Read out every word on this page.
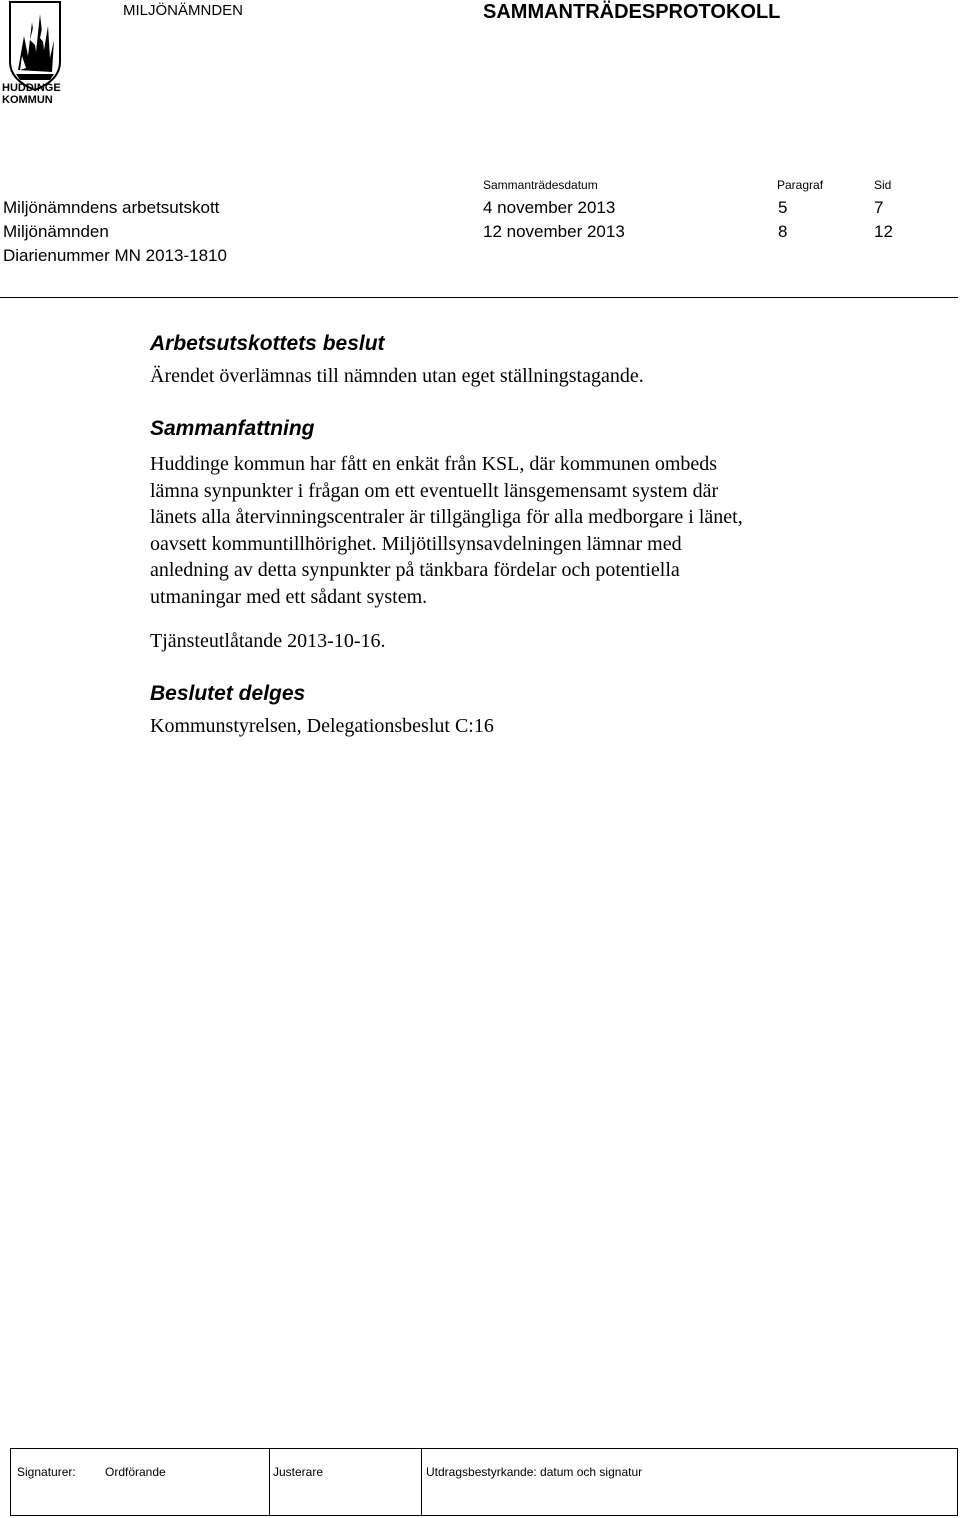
HUDDINGE
KOMMUN
MILJÖNÄMNDEN	SAMMANTRÄDESPROTOKOLL
Sammanträdesdatum	Paragraf	Sid
Miljönämndens arbetsutskott	4 november 2013	5	7
Miljönämnden	12 november 2013	8	12
Diarienummer MN 2013-1810
Arbetsutskottets beslut
Ärendet överlämnas till nämnden utan eget ställningstagande.
Sammanfattning
Huddinge kommun har fått en enkät från KSL, där kommunen ombeds
lämna synpunkter i frågan om ett eventuellt länsgemensamt system där
länets alla återvinningscentraler är tillgängliga för alla medborgare i länet,
oavsett kommuntillhörighet. Miljötillsynsavdelningen lämnar med
anledning av detta synpunkter på tänkbara fördelar och potentiella
utmaningar med ett sådant system.
Tjänsteutlåtande 2013-10-16.
Beslutet delges
Kommunstyrelsen, Delegationsbeslut C:16
Signaturer: Ordförande	Justerare	Utdragsbestyrkande: datum och signatur
